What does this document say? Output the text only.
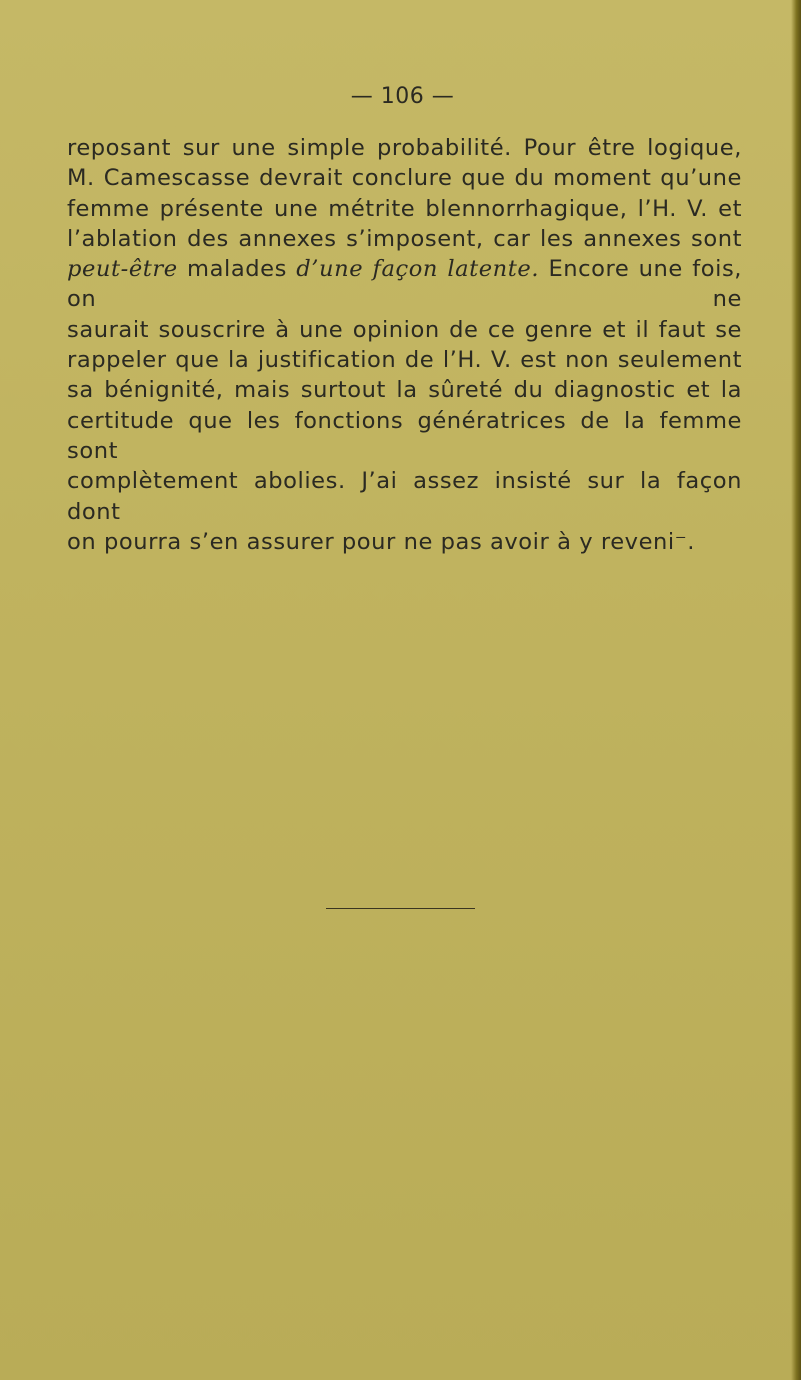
— 106 —
reposant sur une simple probabilité. Pour être logique,
M. Camescasse devrait conclure que du moment qu’une
femme présente une métrite blennorrhagique, l’H. V. et
l’ablation des annexes s’imposent, car les annexes sont
peut-être malades d’une façon latente. Encore une fois, on ne
saurait souscrire à une opinion de ce genre et il faut se
rappeler que la justification de l’H. V. est non seulement
sa bénignité, mais surtout la sûreté du diagnostic et la
certitude que les fonctions génératrices de la femme sont
complètement abolies. J’ai assez insisté sur la façon dont
on pourra s’en assurer pour ne pas avoir à y reveni⁻.
